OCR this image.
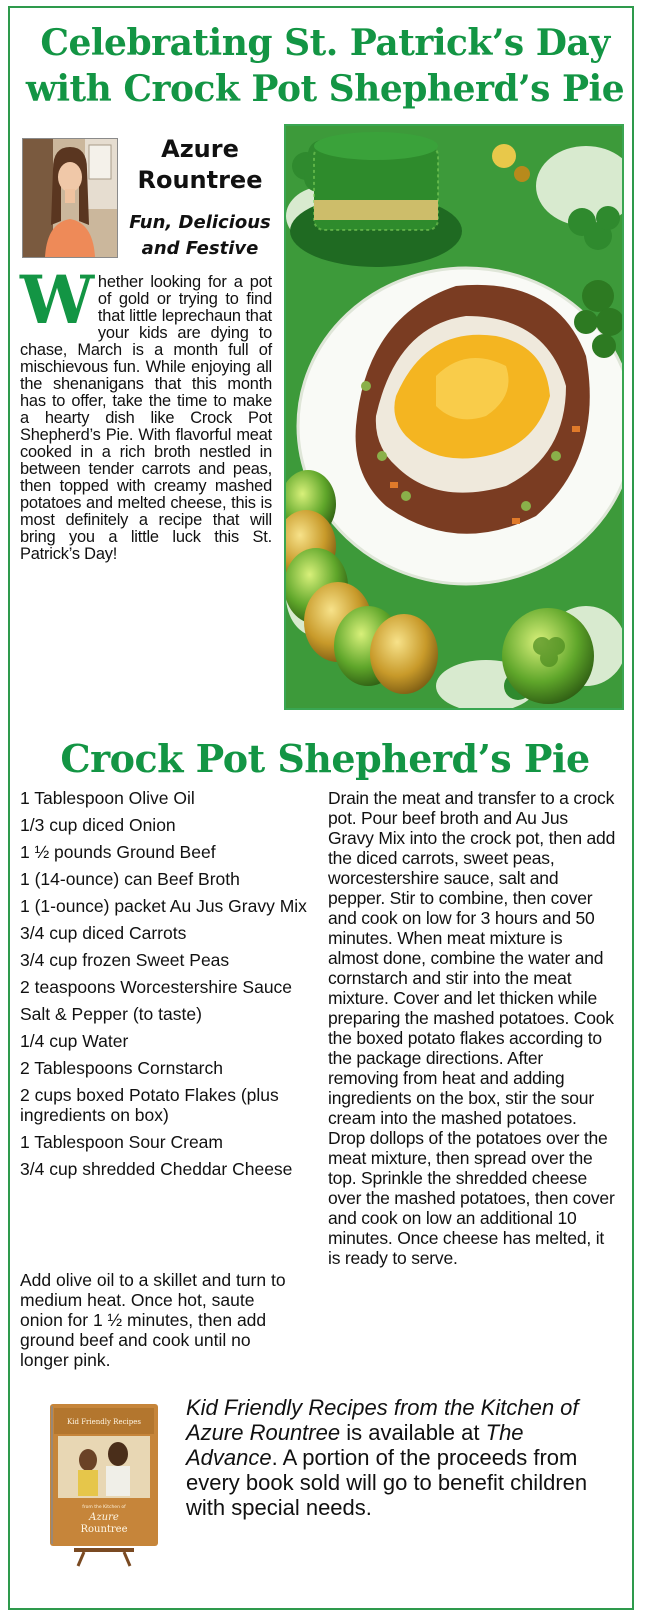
Celebrating St. Patrick’s Day
with Crock Pot Shepherd’s Pie
Azure
Rountree
Fun, Delicious
and Festive
Whether looking for a pot of gold or trying to find that little leprechaun that your kids are dying to chase, March is a month full of mischievous fun. While enjoying all the shenanigans that this month has to offer, take the time to make a hearty dish like Crock Pot Shepherd’s Pie. With flavorful meat cooked in a rich broth nestled in between tender carrots and peas, then topped with creamy mashed potatoes and melted cheese, this is most definitely a recipe that will bring you a little luck this St. Patrick’s Day!
Crock Pot Shepherd’s Pie
1 Tablespoon Olive Oil
1/3 cup diced Onion
1 ½ pounds Ground Beef
1 (14-ounce) can Beef Broth
1 (1-ounce) packet Au Jus Gravy Mix
3/4 cup diced Carrots
3/4 cup frozen Sweet Peas
2 teaspoons Worcestershire Sauce
Salt & Pepper (to taste)
1/4 cup Water
2 Tablespoons Cornstarch
2 cups boxed Potato Flakes (plus ingredients on box)
1 Tablespoon Sour Cream
3/4 cup shredded Cheddar Cheese
Add olive oil to a skillet and turn to medium heat. Once hot, saute onion for 1 ½ minutes, then add ground beef and cook until no longer pink.
Drain the meat and transfer to a crock pot. Pour beef broth and Au Jus Gravy Mix into the crock pot, then add the diced carrots, sweet peas, worcestershire sauce, salt and pepper. Stir to combine, then cover and cook on low for 3 hours and 50 minutes. When meat mixture is almost done, combine the water and cornstarch and stir into the meat mixture. Cover and let thicken while preparing the mashed potatoes. Cook the boxed potato flakes according to the package directions. After removing from heat and adding ingredients on the box, stir the sour cream into the mashed potatoes. Drop dollops of the potatoes over the meat mixture, then spread over the top. Sprinkle the shredded cheese over the mashed potatoes, then cover and cook on low an additional 10 minutes. Once cheese has melted, it is ready to serve.
Kid Friendly Recipes
from the Kitchen of
Azure
Rountree
Kid Friendly Recipes from the Kitchen of Azure Rountree is available at The Advance. A portion of the proceeds from every book sold will go to benefit children with special needs.
